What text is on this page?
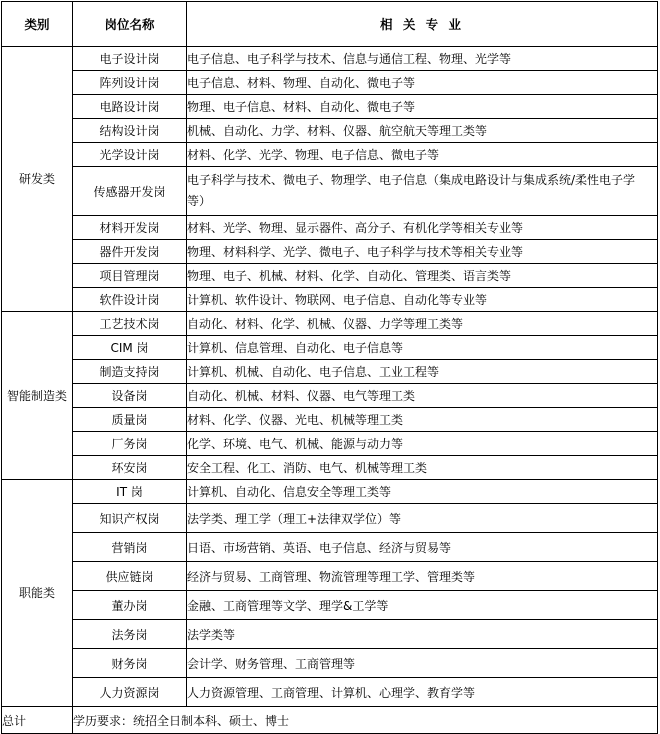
类别	岗位名称	相 关 专 业
研发类	电子设计岗	电子信息、电子科学与技术、信息与通信工程、物理、光学等
	阵列设计岗	电子信息、材料、物理、自动化、微电子等
	电路设计岗	物理、电子信息、材料、自动化、微电子等
	结构设计岗	机械、自动化、力学、材料、仪器、航空航天等理工类等
	光学设计岗	材料、化学、光学、物理、电子信息、微电子等
	传感器开发岗	电子科学与技术、微电子、物理学、电子信息（集成电路设计与集成系统/柔性电子学等）
	材料开发岗	材料、光学、物理、显示器件、高分子、有机化学等相关专业等
	器件开发岗	物理、材料科学、光学、微电子、电子科学与技术等相关专业等
	项目管理岗	物理、电子、机械、材料、化学、自动化、管理类、语言类等
	软件设计岗	计算机、软件设计、物联网、电子信息、自动化等专业等
智能制造类	工艺技术岗	自动化、材料、化学、机械、仪器、力学等理工类等
	CIM 岗	计算机、信息管理、自动化、电子信息等
	制造支持岗	计算机、机械、自动化、电子信息、工业工程等
	设备岗	自动化、机械、材料、仪器、电气等理工类
	质量岗	材料、化学、仪器、光电、机械等理工类
	厂务岗	化学、环境、电气、机械、能源与动力等
	环安岗	安全工程、化工、消防、电气、机械等理工类
职能类	IT 岗	计算机、自动化、信息安全等理工类等
	知识产权岗	法学类、理工学（理工+法律双学位）等
	营销岗	日语、市场营销、英语、电子信息、经济与贸易等
	供应链岗	经济与贸易、工商管理、物流管理等理工学、管理类等
	董办岗	金融、工商管理等文学、理学&工学等
	法务岗	法学类等
	财务岗	会计学、财务管理、工商管理等
	人力资源岗	人力资源管理、工商管理、计算机、心理学、教育学等
总计	学历要求：统招全日制本科、硕士、博士	
